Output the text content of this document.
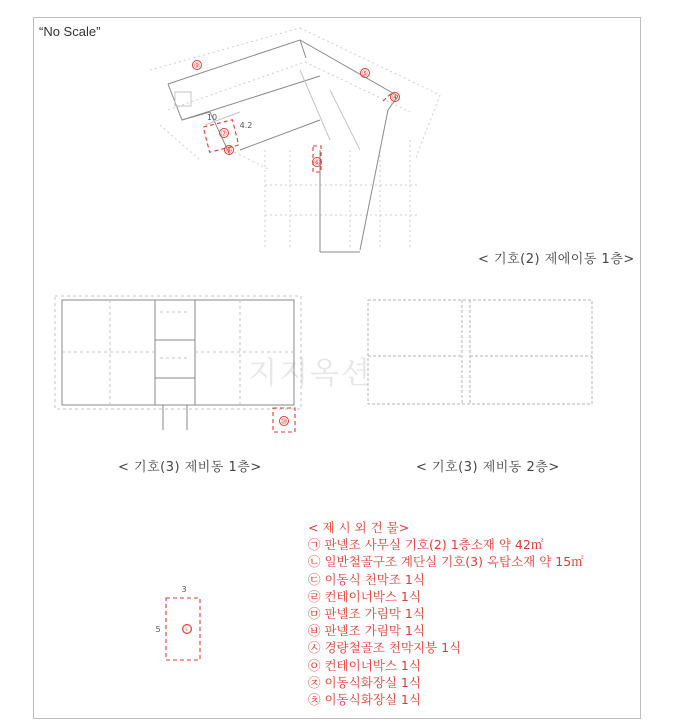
“No Scale”
지지옥션
⑨
⑤
④
⑦
⑧
⑥
⑩
ⓒ
10
4.2
3
5
< 기호(2) 제에이동 1층>
< 기호(3) 제비동 1층>	< 기호(3) 제비동 2층>
< 제 시 외 건 물>
㉠ 판넬조 사무실 기호(2) 1층소재 약 42㎡
㉡ 일반철골구조 계단실 기호(3) 옥탑소재 약 15㎡
㉢ 이동식 천막조 1식
㉣ 컨테이너박스 1식
㉤ 판넬조 가림막 1식
㉥ 판넬조 가림막 1식
㉦ 경량철골조 천막지붕 1식
㉧ 컨테이너박스 1식
㉨ 이동식화장실 1식
㉩ 이동식화장실 1식
